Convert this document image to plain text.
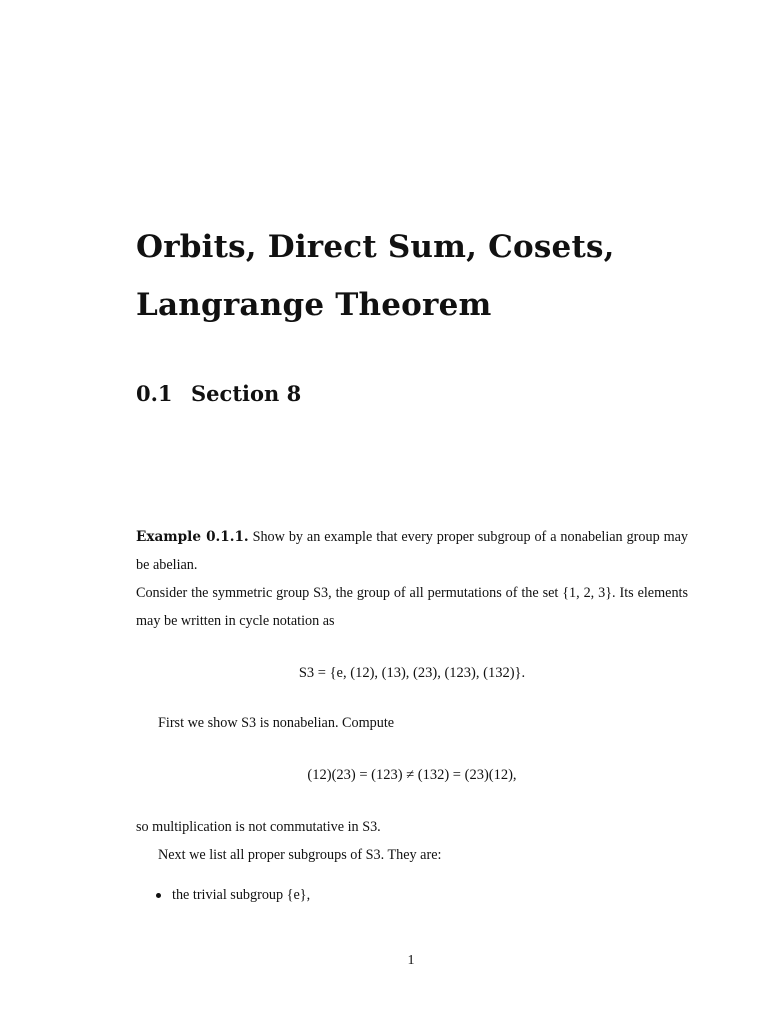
Orbits, Direct Sum, Cosets,
Langrange Theorem
0.1 Section 8
Example 0.1.1. Show by an example that every proper subgroup of a nonabelian group may be abelian.
Consider the symmetric group S3, the group of all permutations of the set {1, 2, 3}. Its elements may be written in cycle notation as
S3 = {e, (12), (13), (23), (123), (132)}.
First we show S3 is nonabelian. Compute
(12)(23) = (123) ≠ (132) = (23)(12),
so multiplication is not commutative in S3.
Next we list all proper subgroups of S3. They are:
the trivial subgroup {e},
1
